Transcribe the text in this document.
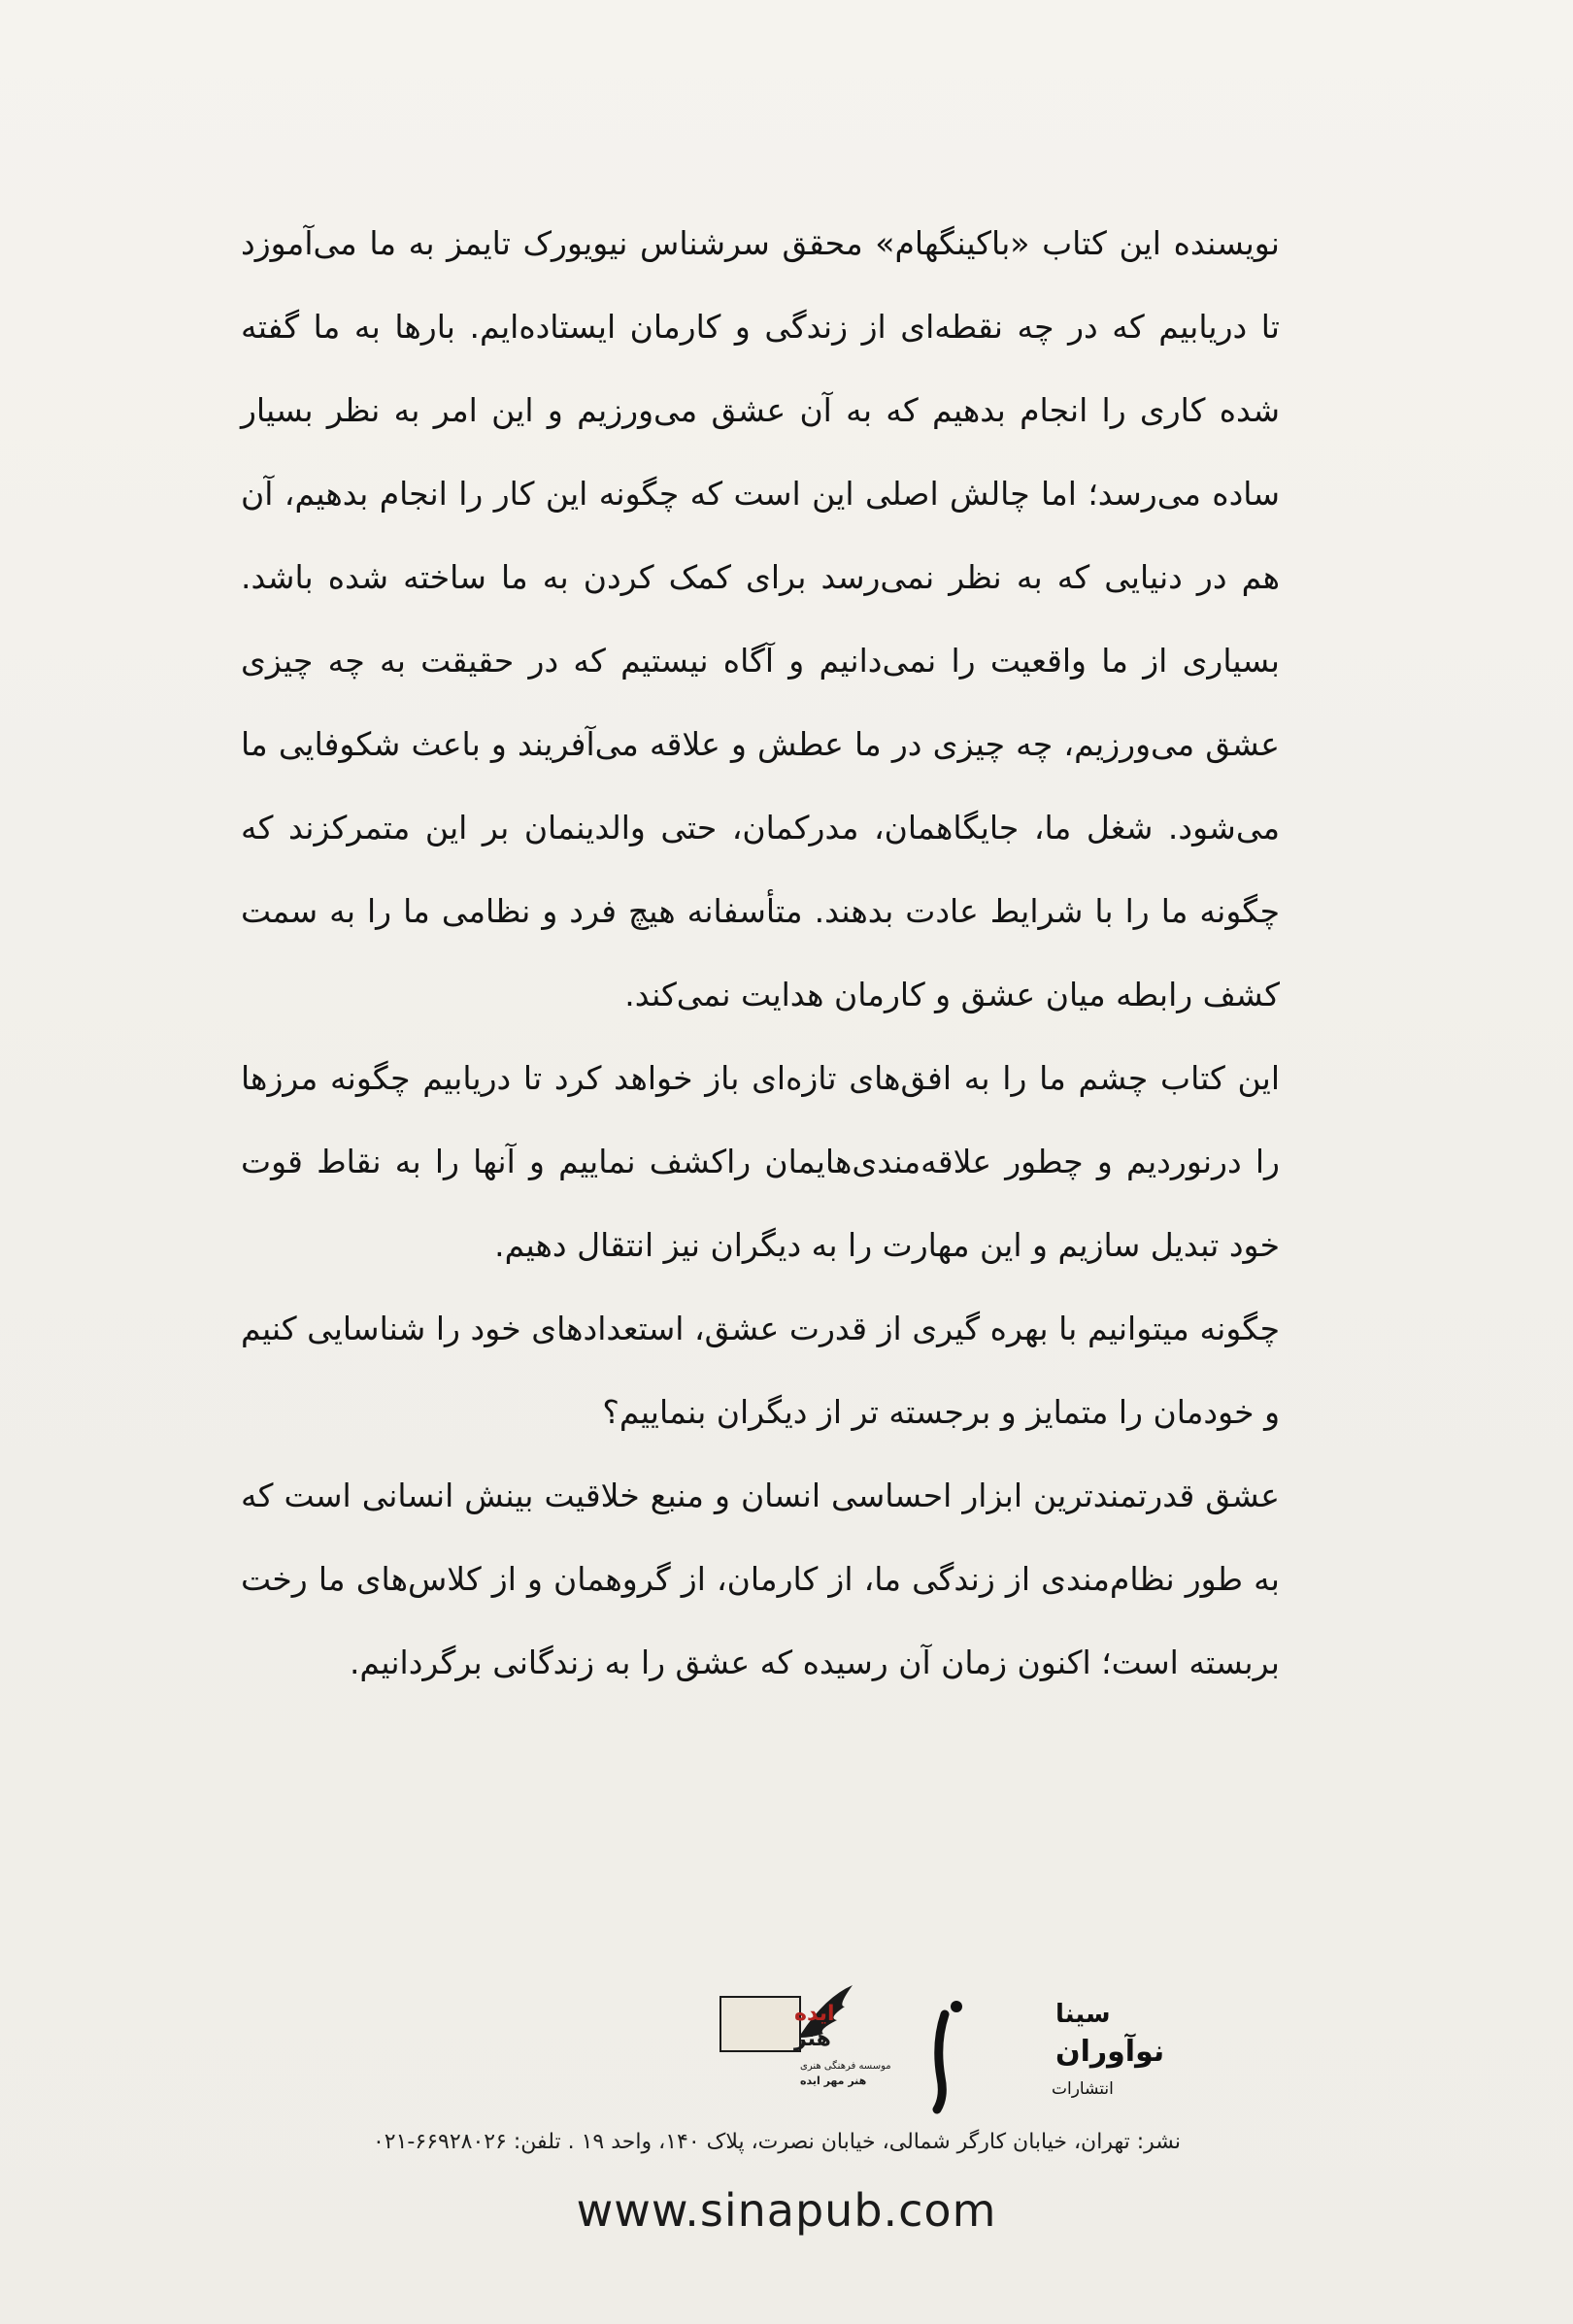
نویسنده این کتاب «باکینگهام» محقق سرشناس نیویورک تایمز به ما می‌آموزد تا دریابیم که در چه نقطه‌ای از زندگی و کارمان ایستاده‌ایم. بارها به ما گفته شده کاری را انجام بدهیم که به آن عشق می‌ورزیم و این امر به نظر بسیار ساده می‌رسد؛ اما چالش اصلی این است که چگونه این کار را انجام بدهیم، آن هم در دنیایی که به نظر نمی‌رسد برای کمک کردن به ما ساخته شده باشد. بسیاری از ما واقعیت را نمی‌دانیم و آگاه نیستیم که در حقیقت به چه چیزی عشق می‌ورزیم، چه چیزی در ما عطش و علاقه می‌آفریند و باعث شکوفایی ما می‌شود. شغل ما، جایگاهمان، مدرکمان، حتی والدینمان بر این متمرکزند که چگونه ما را با شرایط عادت بدهند. متأسفانه هیچ فرد و نظامی ما را به سمت کشف رابطه میان عشق و کارمان هدایت نمی‌کند.

این کتاب چشم ما را به افق‌های تازه‌ای باز خواهد کرد تا دریابیم چگونه مرزها را درنوردیم و چطور علاقه‌مندی‌هایمان راکشف نماییم و آنها را به نقاط قوت خود تبدیل سازیم و این مهارت را به دیگران نیز انتقال دهیم.

چگونه میتوانیم با بهره گیری از قدرت عشق، استعدادهای خود را شناسایی کنیم و خودمان را متمایز و برجسته تر از دیگران بنماییم؟

عشق قدرتمندترین ابزار احساسی انسان و منبع خلاقیت بینش انسانی است که به طور نظام‌مندی از زندگی ما، از کارمان، از گروهمان و از کلاس‌های ما رخت بربسته است؛ اکنون زمان آن رسیده که عشق را به زندگانی برگردانیم.

سینا
نوآوران
انتشارات
ایده
هنر
موسسه فرهنگی هنری
هنر مهر ایده
نشر: تهران، خیابان کارگر شمالی، خیابان نصرت، پلاک ۱۴۰، واحد ۱۹ . تلفن: ۶۶۹۲۸۰۲۶-۰۲۱
www.sinapub.com
